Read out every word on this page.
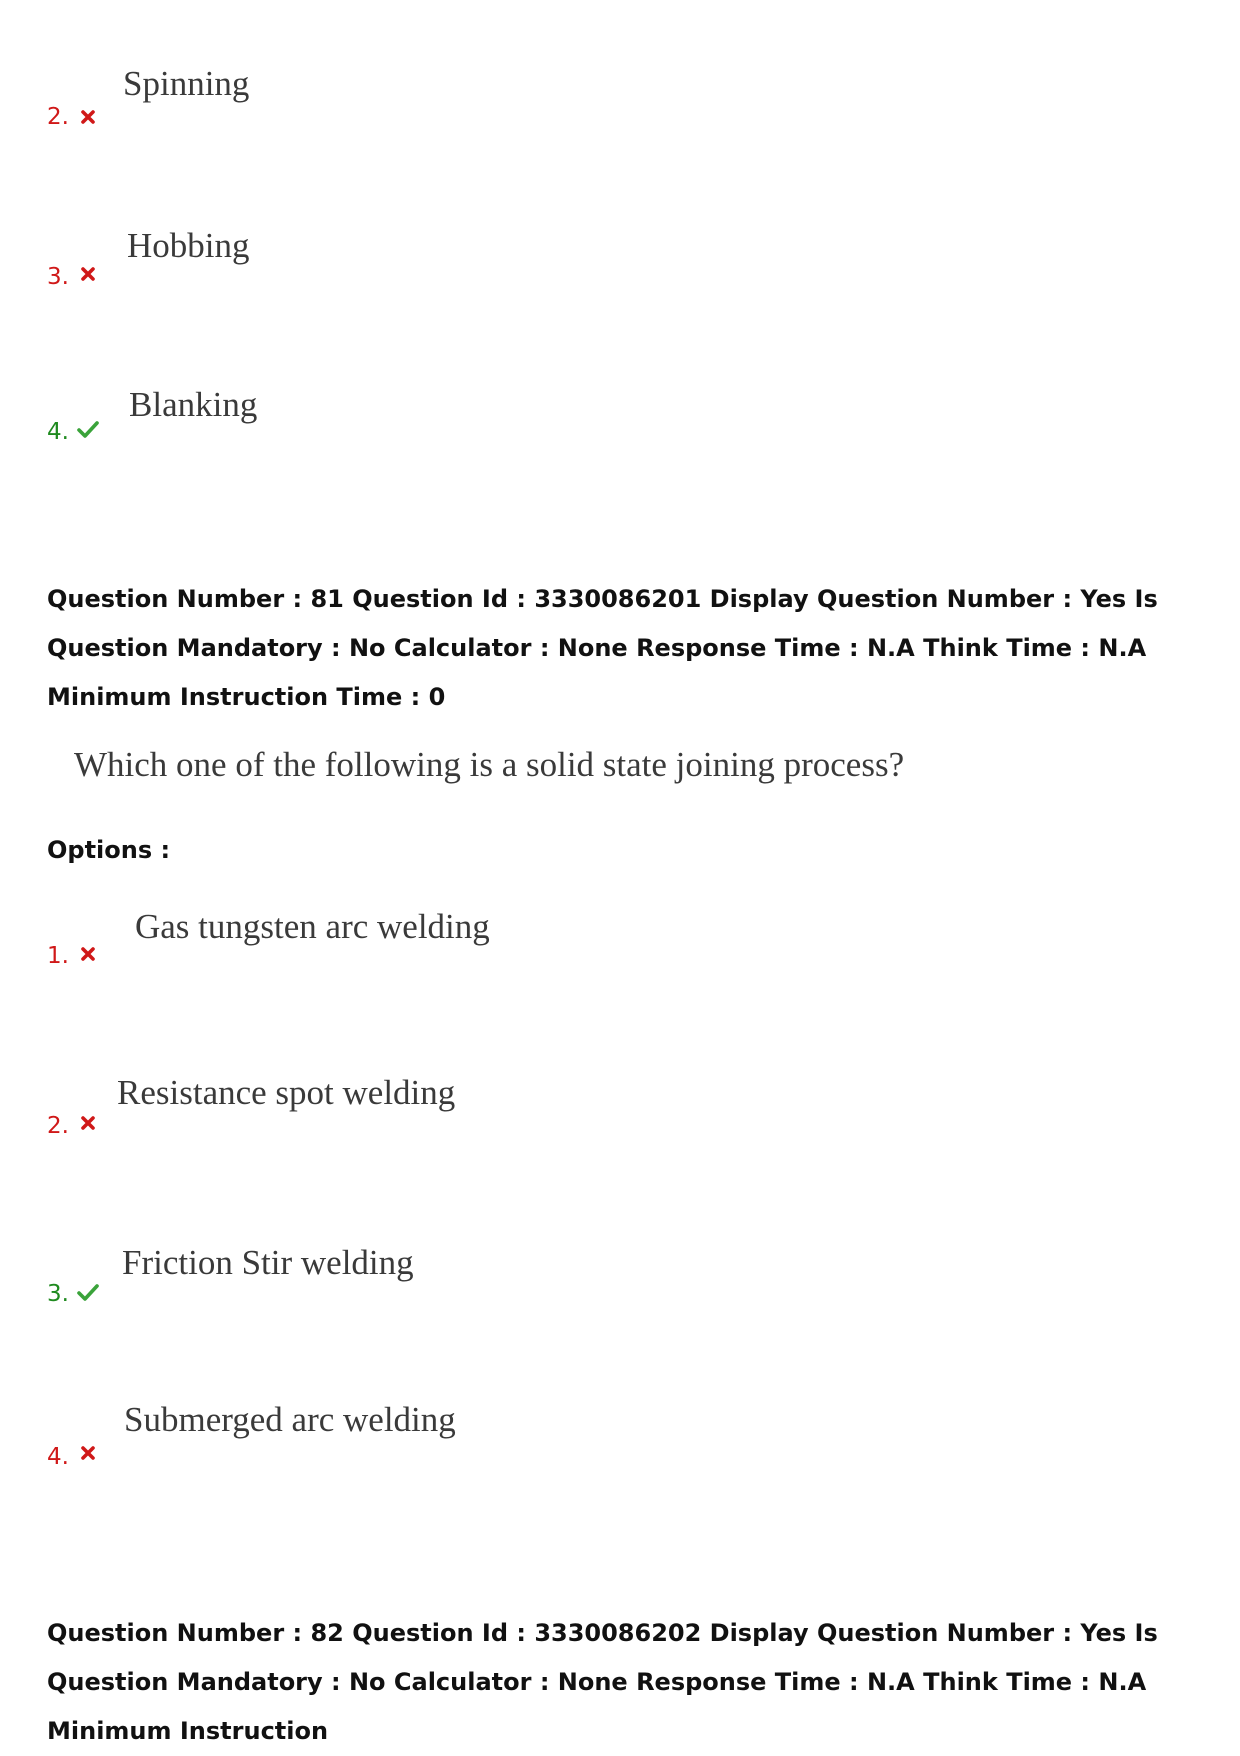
Spinning
2.
Hobbing
3.
Blanking
4.
Question Number : 81 Question Id : 3330086201 Display Question Number : Yes Is Question Mandatory : No Calculator : None Response Time : N.A Think Time : N.A Minimum Instruction Time : 0
Which one of the following is a solid state joining process?
Options :
Gas tungsten arc welding
1.
Resistance spot welding
2.
Friction Stir welding
3.
Submerged arc welding
4.
Question Number : 82 Question Id : 3330086202 Display Question Number : Yes Is Question Mandatory : No Calculator : None Response Time : N.A Think Time : N.A Minimum Instruction
